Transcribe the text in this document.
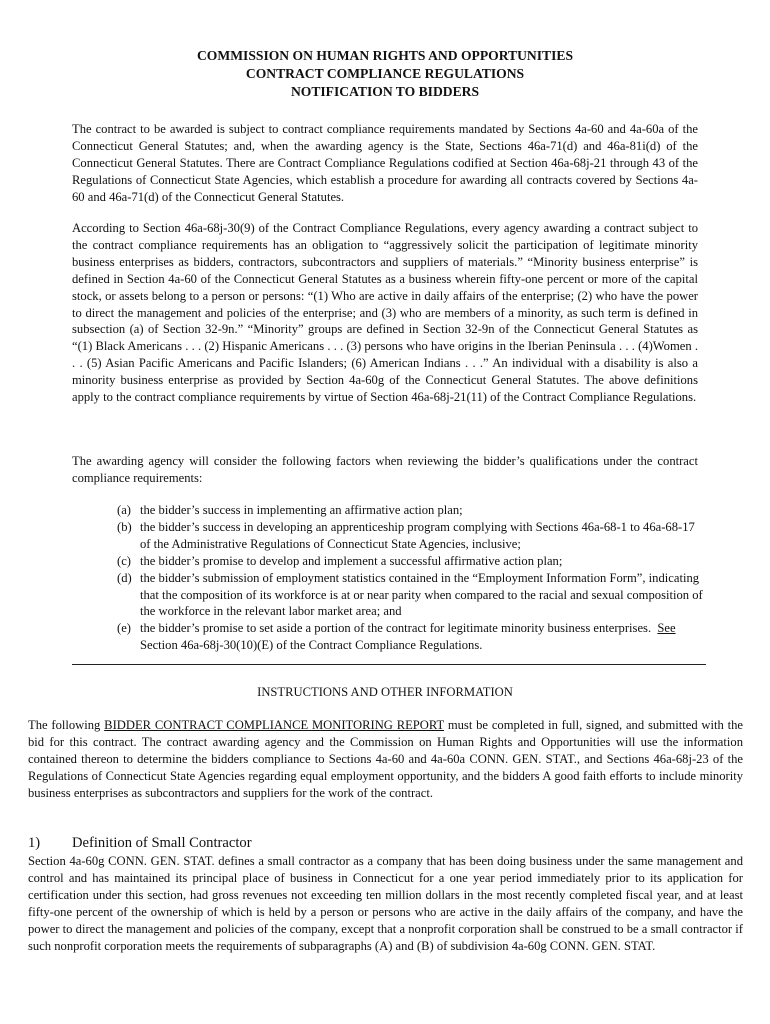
COMMISSION ON HUMAN RIGHTS AND OPPORTUNITIES
CONTRACT COMPLIANCE REGULATIONS
NOTIFICATION TO BIDDERS

The contract to be awarded is subject to contract compliance requirements mandated by Sections 4a-60 and 4a-60a of the Connecticut General Statutes; and, when the awarding agency is the State, Sections 46a-71(d) and 46a-81i(d) of the Connecticut General Statutes. There are Contract Compliance Regulations codified at Section 46a-68j-21 through 43 of the Regulations of Connecticut State Agencies, which establish a procedure for awarding all contracts covered by Sections 4a-60 and 46a-71(d) of the Connecticut General Statutes.

According to Section 46a-68j-30(9) of the Contract Compliance Regulations, every agency awarding a contract subject to the contract compliance requirements has an obligation to “aggressively solicit the participation of legitimate minority business enterprises as bidders, contractors, subcontractors and suppliers of materials.” “Minority business enterprise” is defined in Section 4a-60 of the Connecticut General Statutes as a business wherein fifty-one percent or more of the capital stock, or assets belong to a person or persons: “(1) Who are active in daily affairs of the enterprise; (2) who have the power to direct the management and policies of the enterprise; and (3) who are members of a minority, as such term is defined in subsection (a) of Section 32-9n.” “Minority” groups are defined in Section 32-9n of the Connecticut General Statutes as “(1) Black Americans . . . (2) Hispanic Americans . . . (3) persons who have origins in the Iberian Peninsula . . . (4)Women . . . (5) Asian Pacific Americans and Pacific Islanders; (6) American Indians . . .” An individual with a disability is also a minority business enterprise as provided by Section 4a-60g of the Connecticut General Statutes. The above definitions apply to the contract compliance requirements by virtue of Section 46a-68j-21(11) of the Contract Compliance Regulations.

The awarding agency will consider the following factors when reviewing the bidder’s qualifications under the contract compliance requirements:

(a) the bidder’s success in implementing an affirmative action plan;
(b) the bidder’s success in developing an apprenticeship program complying with Sections 46a-68-1 to 46a-68-17 of the Administrative Regulations of Connecticut State Agencies, inclusive;
(c) the bidder’s promise to develop and implement a successful affirmative action plan;
(d) the bidder’s submission of employment statistics contained in the “Employment Information Form”, indicating that the composition of its workforce is at or near parity when compared to the racial and sexual composition of the workforce in the relevant labor market area; and
(e) the bidder’s promise to set aside a portion of the contract for legitimate minority business enterprises. See Section 46a-68j-30(10)(E) of the Contract Compliance Regulations.
INSTRUCTIONS AND OTHER INFORMATION

The following BIDDER CONTRACT COMPLIANCE MONITORING REPORT must be completed in full, signed, and submitted with the bid for this contract. The contract awarding agency and the Commission on Human Rights and Opportunities will use the information contained thereon to determine the bidders compliance to Sections 4a-60 and 4a-60a CONN. GEN. STAT., and Sections 46a-68j-23 of the Regulations of Connecticut State Agencies regarding equal employment opportunity, and the bidders A good faith efforts to include minority business enterprises as subcontractors and suppliers for the work of the contract.

1) Definition of Small Contractor

Section 4a-60g CONN. GEN. STAT. defines a small contractor as a company that has been doing business under the same management and control and has maintained its principal place of business in Connecticut for a one year period immediately prior to its application for certification under this section, had gross revenues not exceeding ten million dollars in the most recently completed fiscal year, and at least fifty-one percent of the ownership of which is held by a person or persons who are active in the daily affairs of the company, and have the power to direct the management and policies of the company, except that a nonprofit corporation shall be construed to be a small contractor if such nonprofit corporation meets the requirements of subparagraphs (A) and (B) of subdivision 4a-60g CONN. GEN. STAT.
